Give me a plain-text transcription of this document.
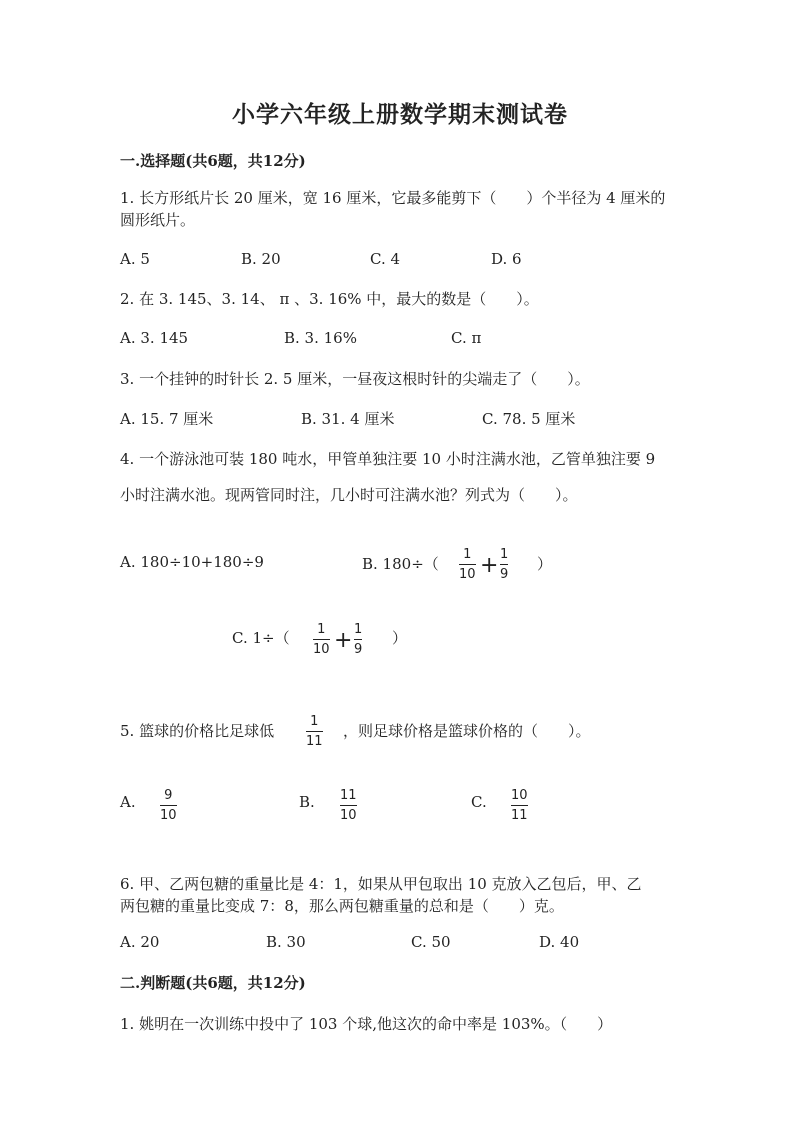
小学六年级上册数学期末测试卷
一.选择题(共6题，共12分)
1. 长方形纸片长 20 厘米，宽 16 厘米，它最多能剪下（　　）个半径为 4 厘米的圆形纸片。
A. 5	B. 20	C. 4	D. 6
2. 在 3. 145、3. 14、 π 、3. 16% 中，最大的数是（　　）。
A. 3. 145	B. 3. 16%	C. π
3. 一个挂钟的时针长 2. 5 厘米，一昼夜这根时针的尖端走了（　　）。
A. 15. 7 厘米	B. 31. 4 厘米	C. 78. 5 厘米
4. 一个游泳池可装 180 吨水，甲管单独注要 10 小时注满水池，乙管单独注要 9
小时注满水池。现两管同时注，几小时可注满水池？列式为（　　）。
A. 180÷10+180÷9	B. 180÷（
1
10 + 1
9
）
C. 1÷（ 1
10 + 1
9
）
5. 篮球的价格比足球低
1
11
，则足球价格是篮球价格的（　　）。
A. 9
10
B. 11
10
C. 10
11
6. 甲、乙两包糖的重量比是 4：1，如果从甲包取出 10 克放入乙包后，甲、乙
两包糖的重量比变成 7：8，那么两包糖重量的总和是（　　）克。
A. 20	B. 30	C. 50	D. 40
二.判断题(共6题，共12分)
1. 姚明在一次训练中投中了 103 个球,他这次的命中率是 103%。（　　）
